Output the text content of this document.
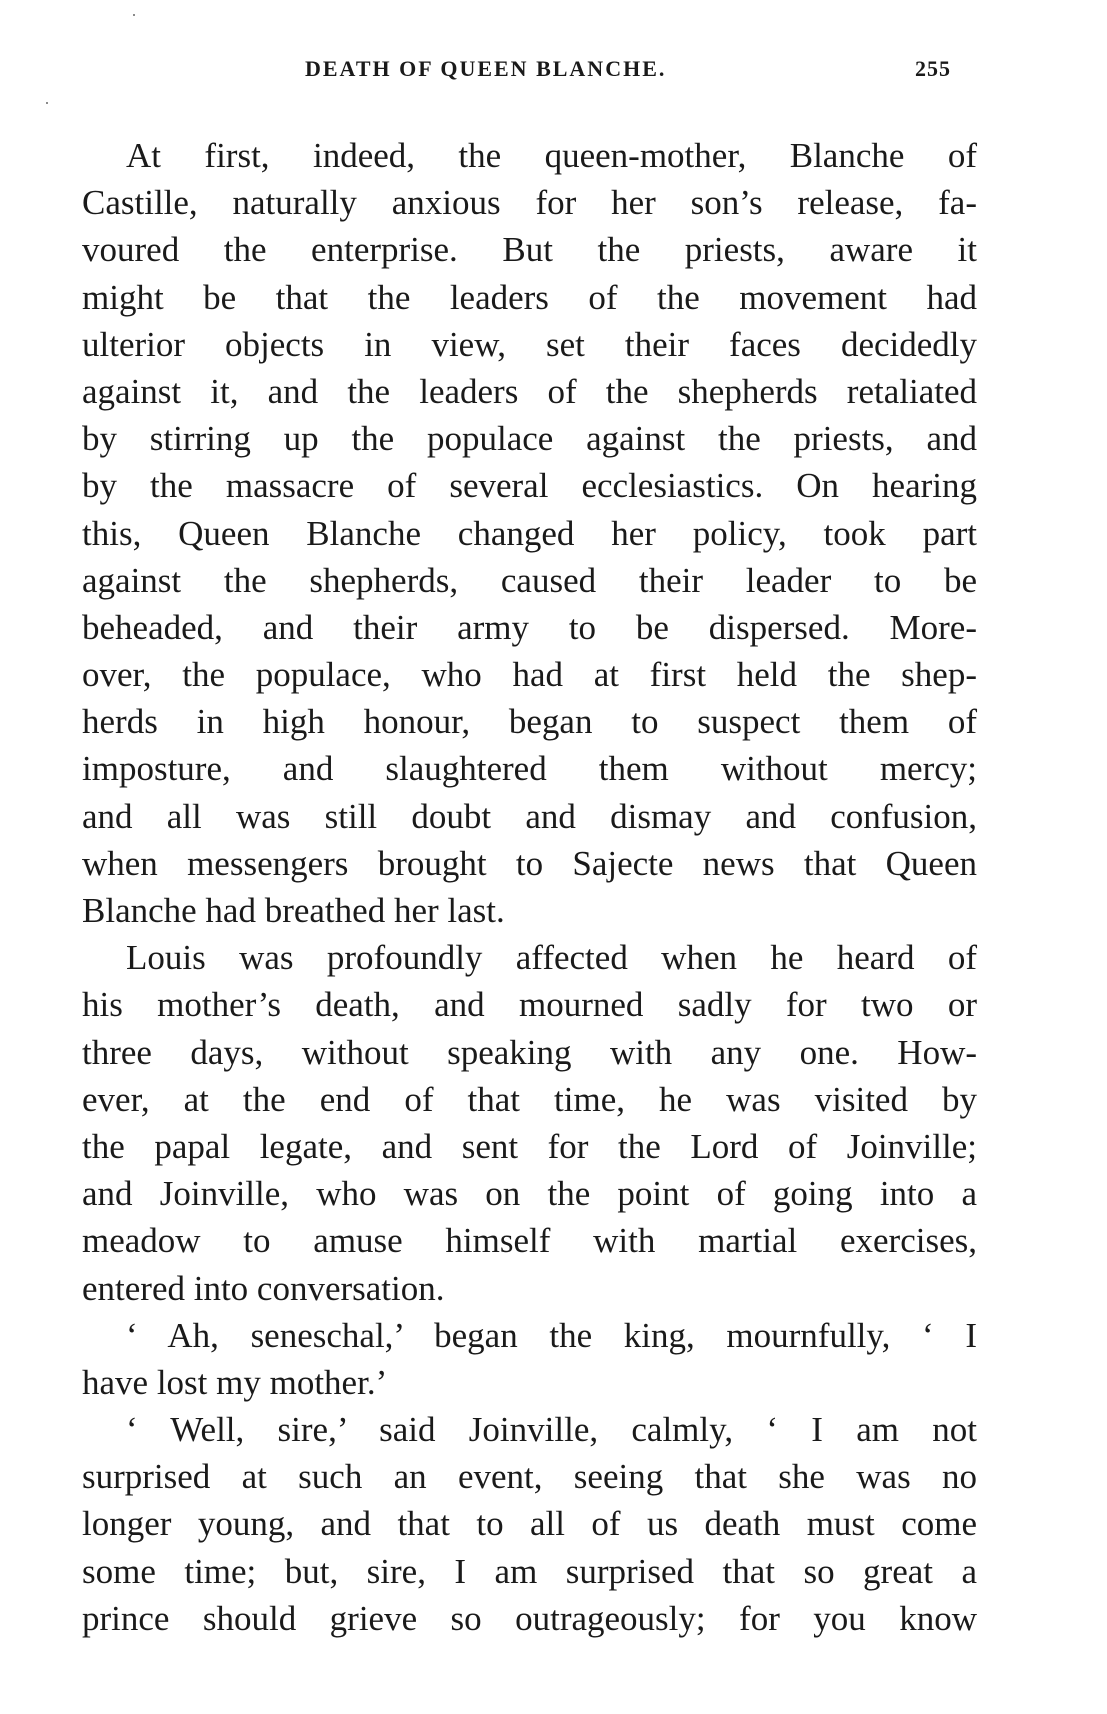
DEATH OF QUEEN BLANCHE.	255
At first, indeed, the queen-mother, Blanche of
Castille, naturally anxious for her son’s release, fa-
voured the enterprise. But the priests, aware it
might be that the leaders of the movement had
ulterior objects in view, set their faces decidedly
against it, and the leaders of the shepherds retaliated
by stirring up the populace against the priests, and
by the massacre of several ecclesiastics. On hearing
this, Queen Blanche changed her policy, took part
against the shepherds, caused their leader to be
beheaded, and their army to be dispersed. More-
over, the populace, who had at first held the shep-
herds in high honour, began to suspect them of
imposture, and slaughtered them without mercy;
and all was still doubt and dismay and confusion,
when messengers brought to Sajecte news that Queen
Blanche had breathed her last.
Louis was profoundly affected when he heard of
his mother’s death, and mourned sadly for two or
three days, without speaking with any one. How-
ever, at the end of that time, he was visited by
the papal legate, and sent for the Lord of Joinville;
and Joinville, who was on the point of going into a
meadow to amuse himself with martial exercises,
entered into conversation.
‘ Ah, seneschal,’ began the king, mournfully, ‘ I
have lost my mother.’
‘ Well, sire,’ said Joinville, calmly, ‘ I am not
surprised at such an event, seeing that she was no
longer young, and that to all of us death must come
some time; but, sire, I am surprised that so great a
prince should grieve so outrageously; for you know
